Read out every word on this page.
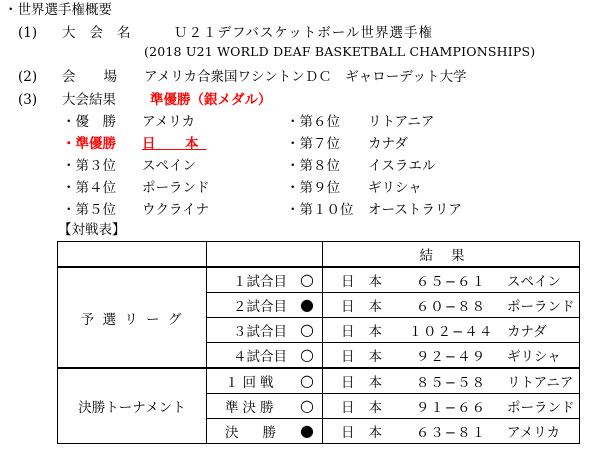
・世界選手権概要
(1) 大会名 Ｕ２１デフバスケットボール世界選手権
(2018 U21 WORLD DEAF BASKETBALL CHAMPIONSHIPS)
(2) 会場 アメリカ合衆国ワシントンＤＣ　ギャローデット大学
(3) 大会結果	準優勝（銀メダル）
・優　勝 アメリカ
・準優勝 日　本
・第３位 スペイン
・第４位 ポーランド
・第５位 ウクライナ
・第６位 リトアニア
・第７位 カナダ
・第８位 イスラエル
・第９位 ギリシャ
・第１０位 オーストラリア
【対戦表】
		結果
予 選 リ ー グ	１試合目 ○	日本 ６５−６１ スペイン

	２試合目 ●	日本 ６０−８８ ポーランド

	３試合目 ○	日本 １０２−４４ カナダ

	４試合目 ○	日本 ９２−４９ ギリシャ

決勝トーナメント	１回戦 ○	日本 ８５−５８ リトアニア

	準決勝 ○	日本 ９１−６６ ポーランド

	決勝 ●	日本 ６３−８１ アメリカ
